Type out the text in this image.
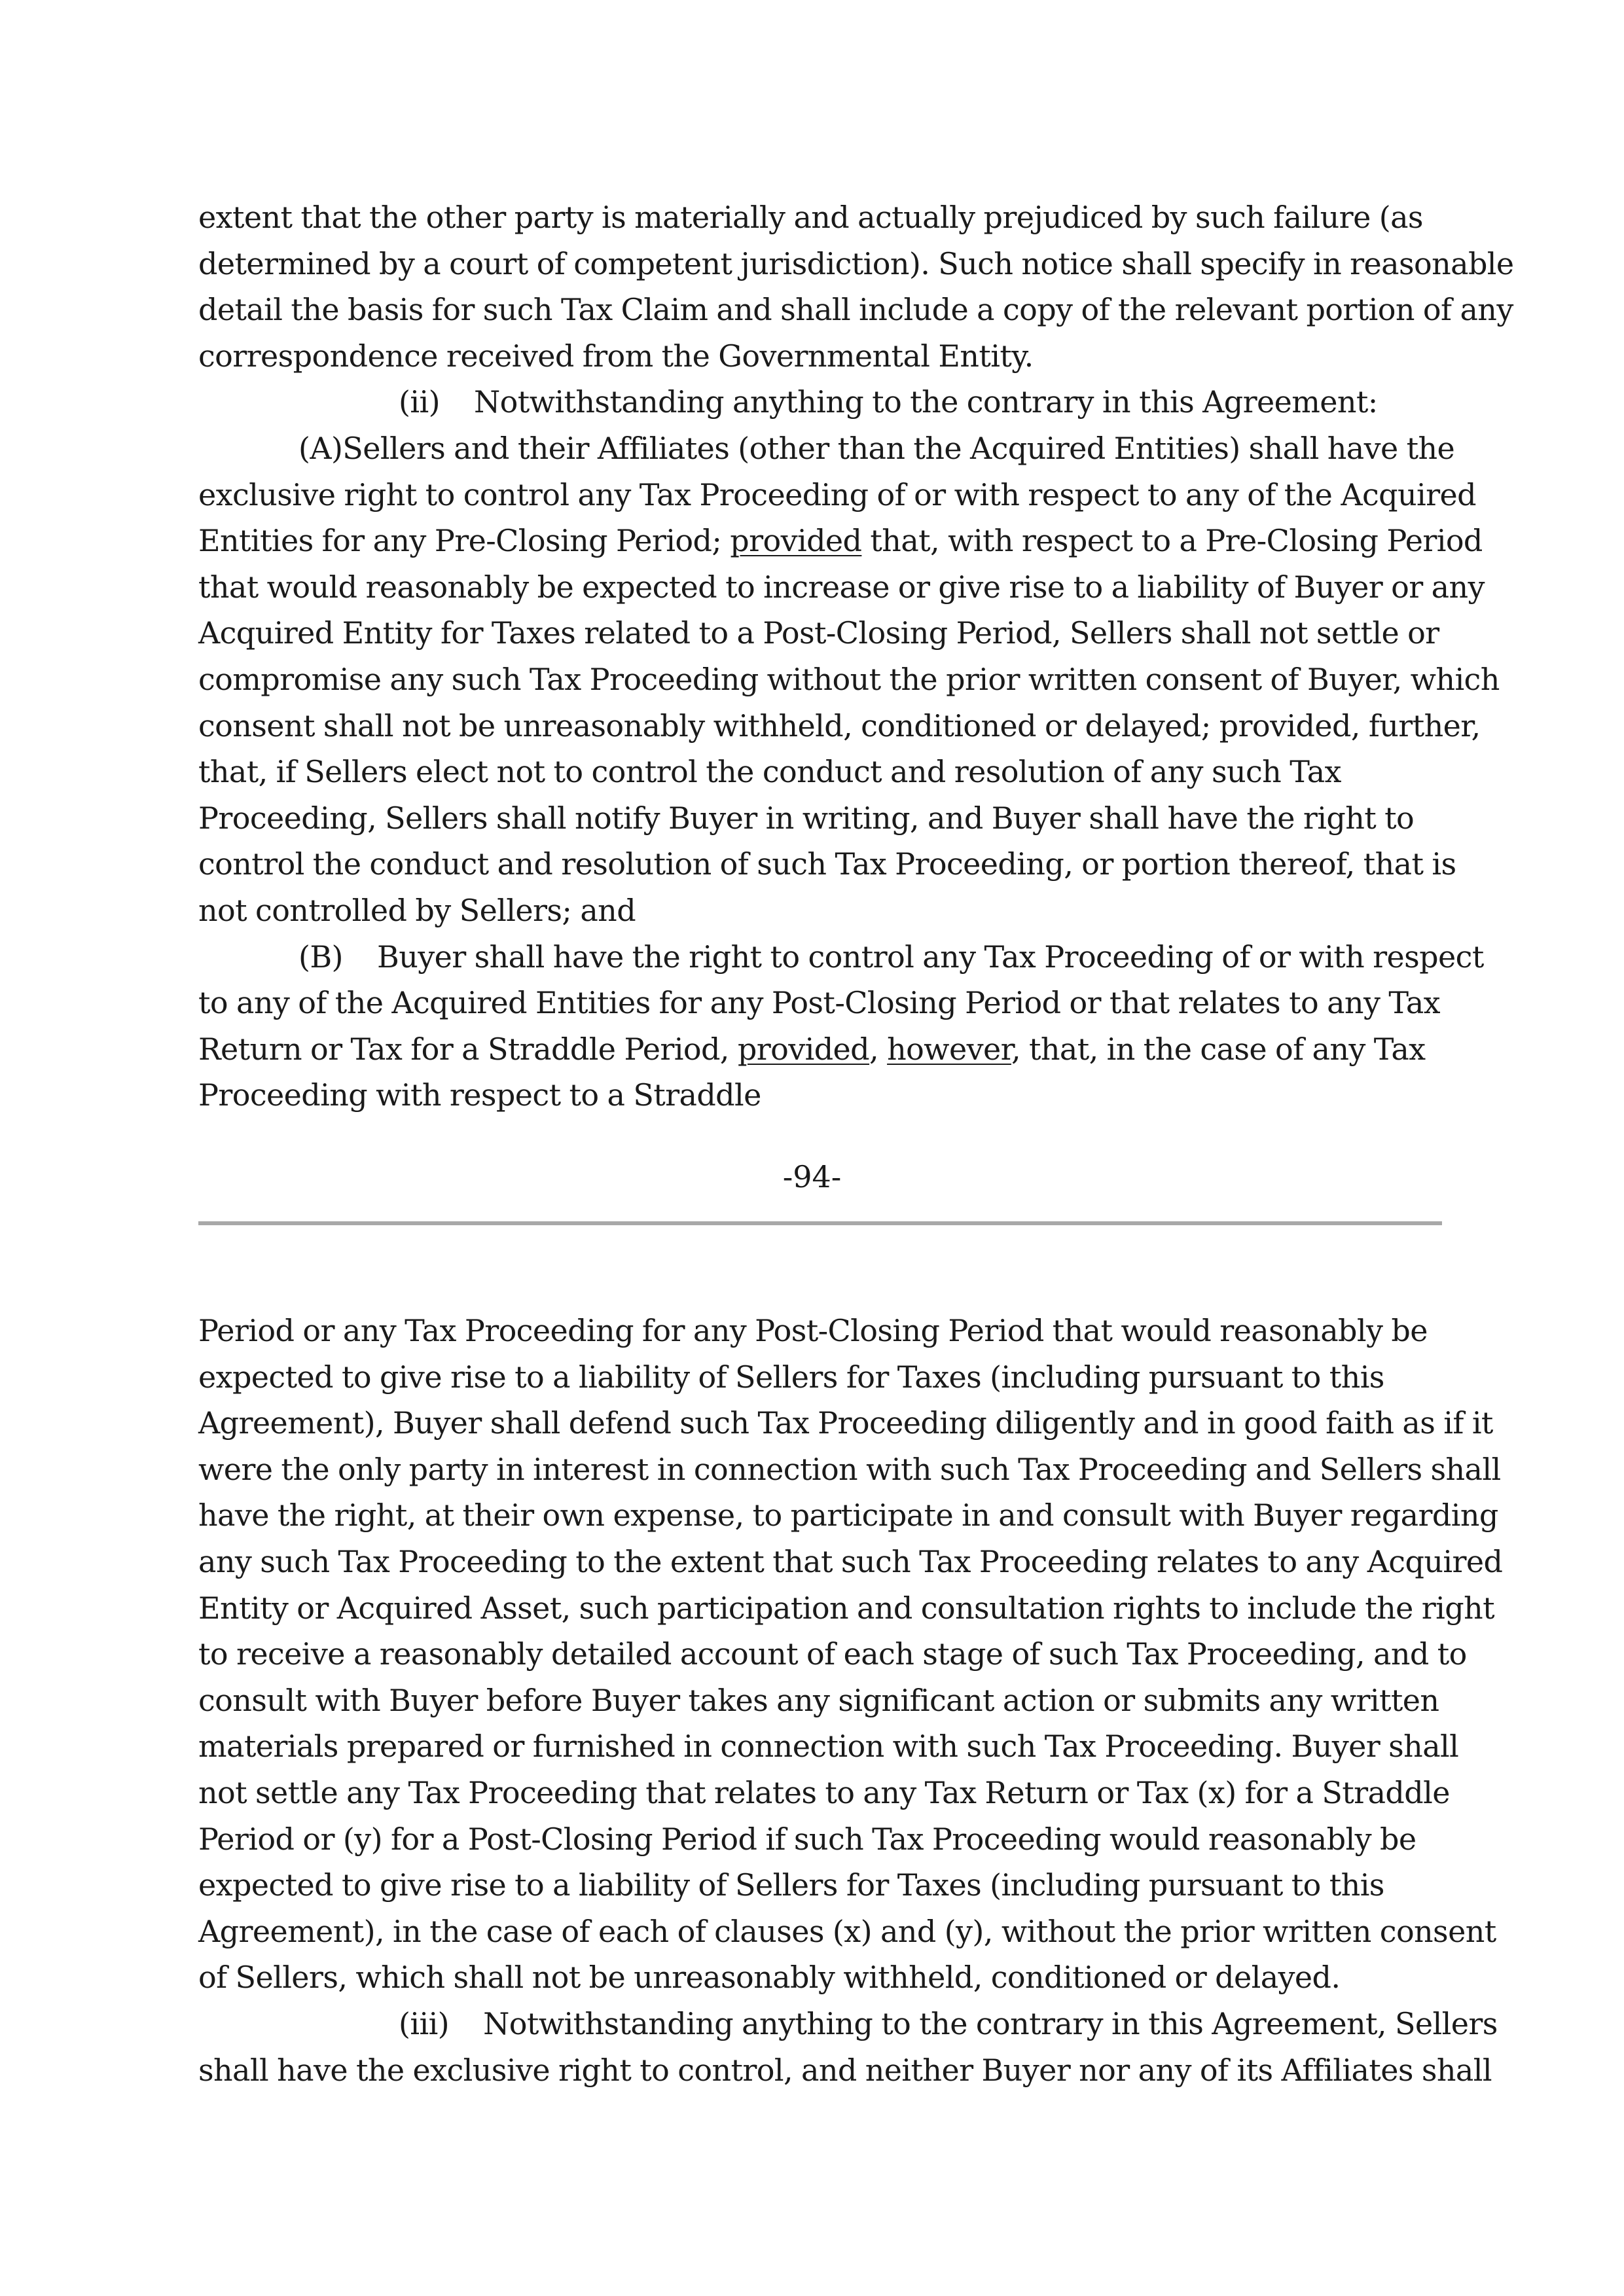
extent that the other party is materially and actually prejudiced by such failure (as
determined by a court of competent jurisdiction). Such notice shall specify in reasonable
detail the basis for such Tax Claim and shall include a copy of the relevant portion of any
correspondence received from the Governmental Entity.

(ii)    Notwithstanding anything to the contrary in this Agreement:

(A)Sellers and their Affiliates (other than the Acquired Entities) shall have the
exclusive right to control any Tax Proceeding of or with respect to any of the Acquired
Entities for any Pre-Closing Period; provided that, with respect to a Pre-Closing Period
that would reasonably be expected to increase or give rise to a liability of Buyer or any
Acquired Entity for Taxes related to a Post-Closing Period, Sellers shall not settle or
compromise any such Tax Proceeding without the prior written consent of Buyer, which
consent shall not be unreasonably withheld, conditioned or delayed; provided, further,
that, if Sellers elect not to control the conduct and resolution of any such Tax
Proceeding, Sellers shall notify Buyer in writing, and Buyer shall have the right to
control the conduct and resolution of such Tax Proceeding, or portion thereof, that is
not controlled by Sellers; and

(B)    Buyer shall have the right to control any Tax Proceeding of or with respect
to any of the Acquired Entities for any Post-Closing Period or that relates to any Tax
Return or Tax for a Straddle Period, provided, however, that, in the case of any Tax
Proceeding with respect to a Straddle

-94-

Period or any Tax Proceeding for any Post-Closing Period that would reasonably be
expected to give rise to a liability of Sellers for Taxes (including pursuant to this
Agreement), Buyer shall defend such Tax Proceeding diligently and in good faith as if it
were the only party in interest in connection with such Tax Proceeding and Sellers shall
have the right, at their own expense, to participate in and consult with Buyer regarding
any such Tax Proceeding to the extent that such Tax Proceeding relates to any Acquired
Entity or Acquired Asset, such participation and consultation rights to include the right
to receive a reasonably detailed account of each stage of such Tax Proceeding, and to
consult with Buyer before Buyer takes any significant action or submits any written
materials prepared or furnished in connection with such Tax Proceeding. Buyer shall
not settle any Tax Proceeding that relates to any Tax Return or Tax (x) for a Straddle
Period or (y) for a Post-Closing Period if such Tax Proceeding would reasonably be
expected to give rise to a liability of Sellers for Taxes (including pursuant to this
Agreement), in the case of each of clauses (x) and (y), without the prior written consent
of Sellers, which shall not be unreasonably withheld, conditioned or delayed.

(iii)    Notwithstanding anything to the contrary in this Agreement, Sellers
shall have the exclusive right to control, and neither Buyer nor any of its Affiliates shall
